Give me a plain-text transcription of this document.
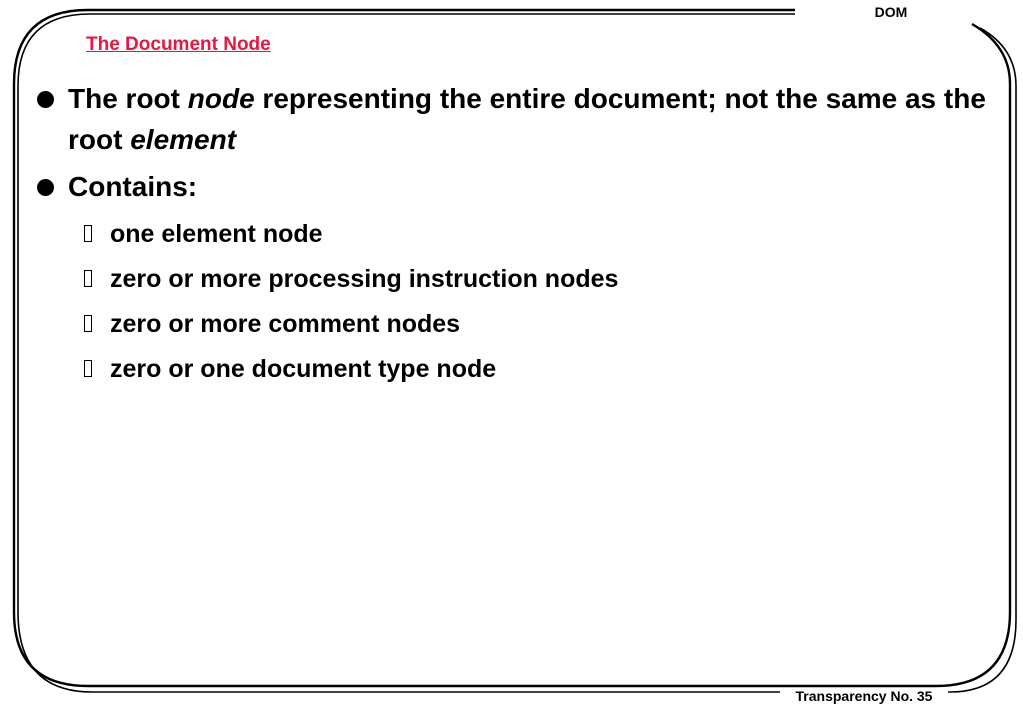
DOM
Transparency No. 35
The Document Node
The root node representing the entire document; not the same as the root element
Contains:
one element node
zero or more processing instruction nodes
zero or more comment nodes
zero or one document type node
